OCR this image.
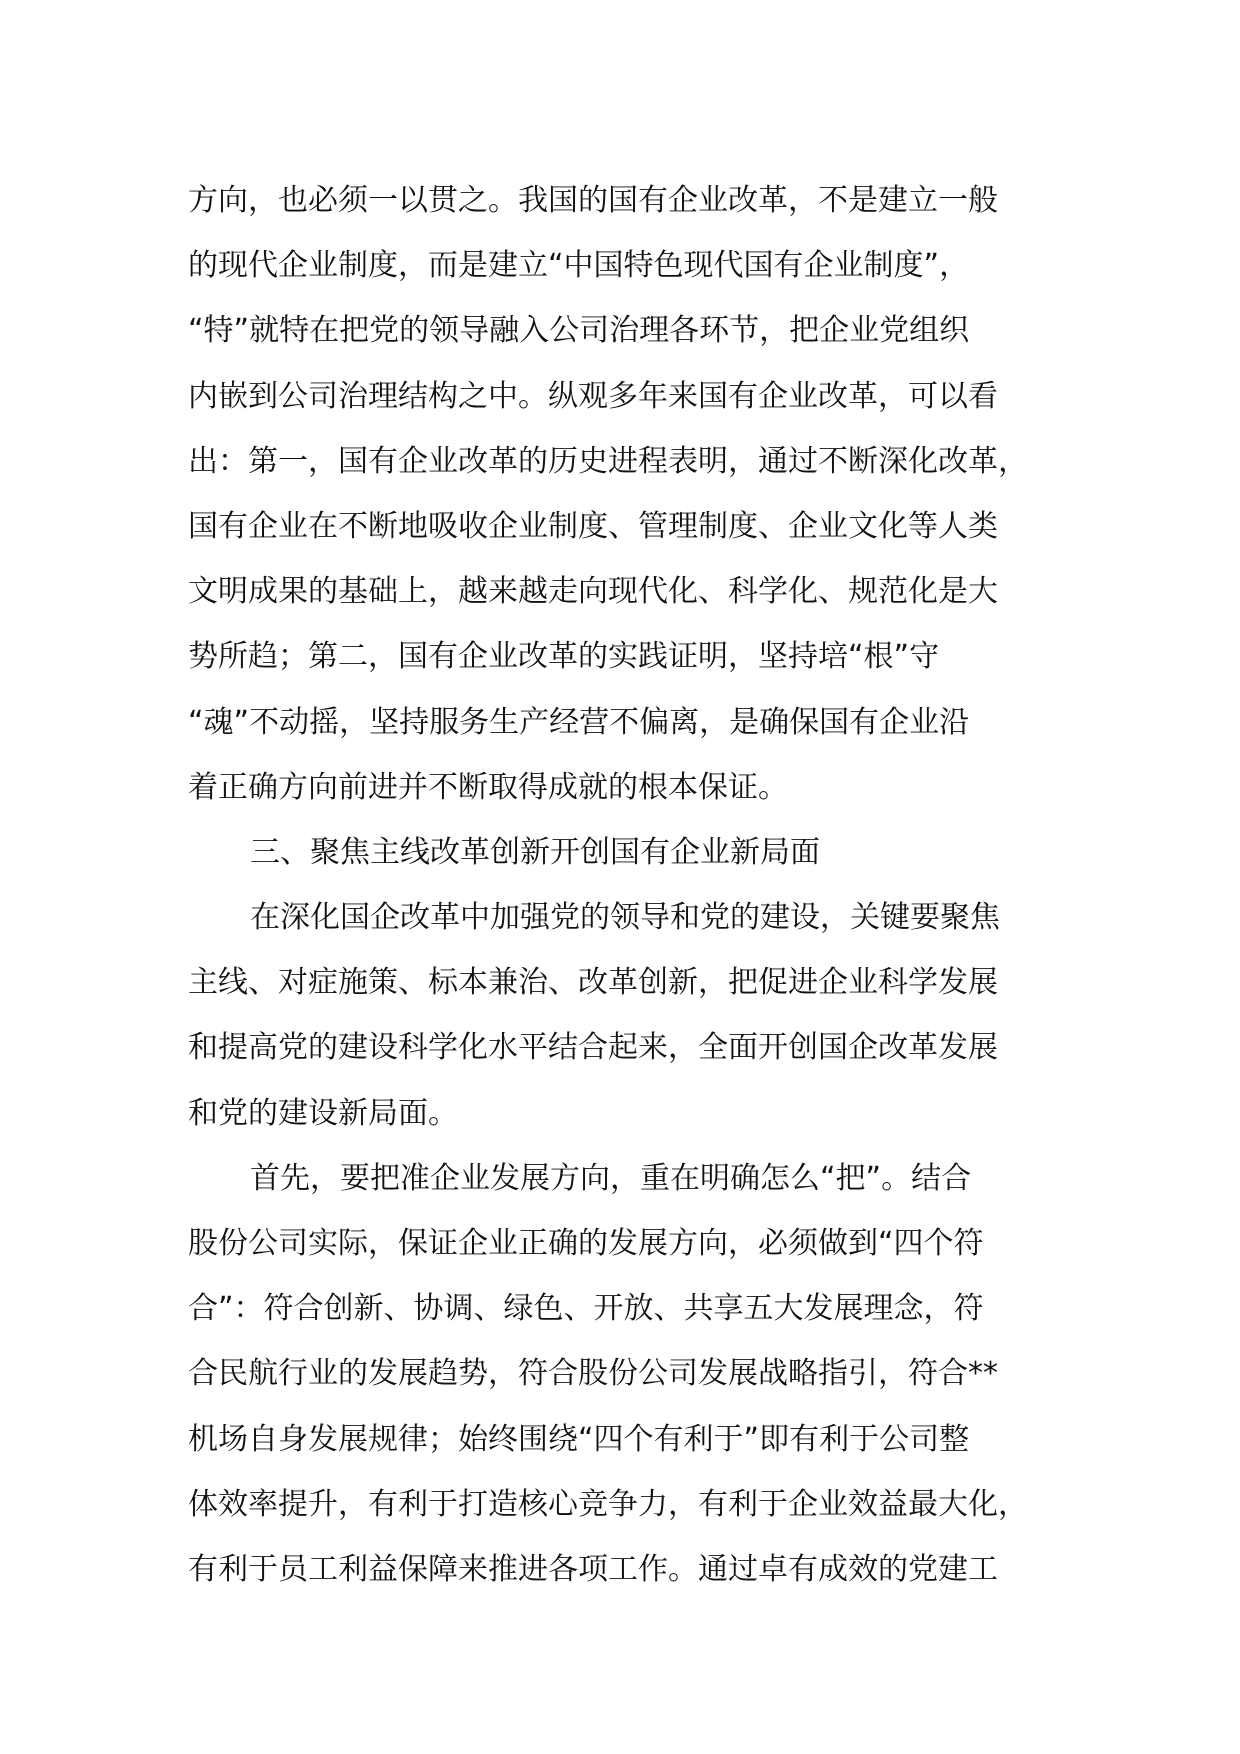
方向，也必须一以贯之。我国的国有企业改革，不是建立一般
的现代企业制度，而是建立“中国特色现代国有企业制度”，
“特”就特在把党的领导融入公司治理各环节，把企业党组织
内嵌到公司治理结构之中。纵观多年来国有企业改革，可以看
出：第一，国有企业改革的历史进程表明，通过不断深化改革，
国有企业在不断地吸收企业制度、管理制度、企业文化等人类
文明成果的基础上，越来越走向现代化、科学化、规范化是大
势所趋；第二，国有企业改革的实践证明，坚持培“根”守
“魂”不动摇，坚持服务生产经营不偏离，是确保国有企业沿
着正确方向前进并不断取得成就的根本保证。
三、聚焦主线改革创新开创国有企业新局面
在深化国企改革中加强党的领导和党的建设，关键要聚焦
主线、对症施策、标本兼治、改革创新，把促进企业科学发展
和提高党的建设科学化水平结合起来，全面开创国企改革发展
和党的建设新局面。
首先，要把准企业发展方向，重在明确怎么“把”。结合
股份公司实际，保证企业正确的发展方向，必须做到“四个符
合”：符合创新、协调、绿色、开放、共享五大发展理念，符
合民航行业的发展趋势，符合股份公司发展战略指引，符合**
机场自身发展规律；始终围绕“四个有利于”即有利于公司整
体效率提升，有利于打造核心竞争力，有利于企业效益最大化，
有利于员工利益保障来推进各项工作。通过卓有成效的党建工
